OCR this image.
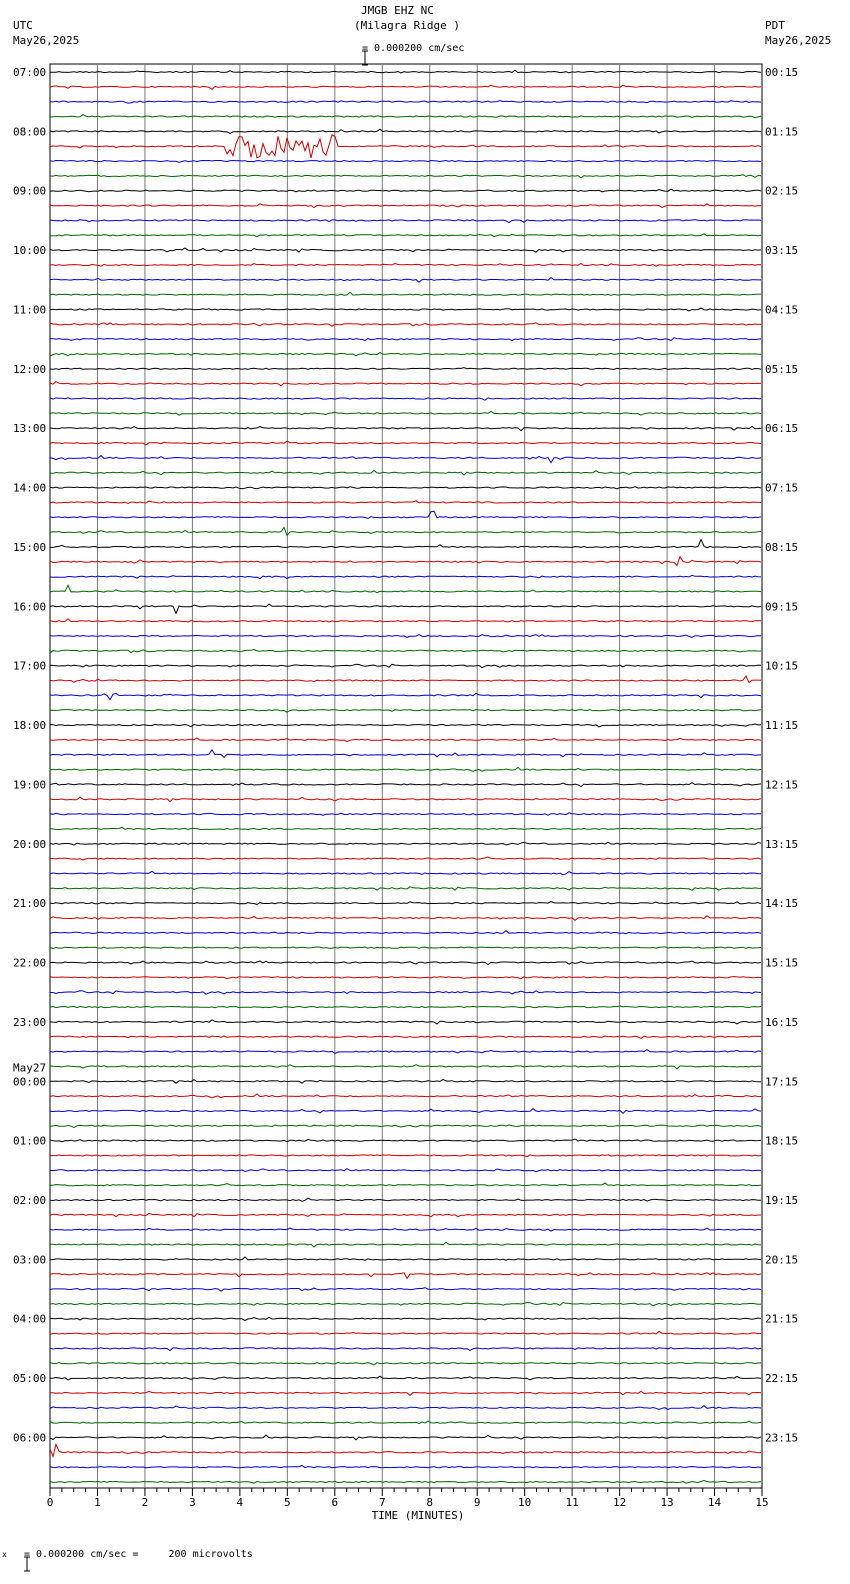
JMGB EHZ NC
(Milagra Ridge )
UTC
May26,2025
PDT
May26,2025

= 0.000200 cm/sec
x

= 0.000200 cm/sec =     200 microvolts
07:00
08:00
09:00
10:00
11:00
12:00
13:00
14:00
15:00
16:00
17:00
18:00
19:00
20:00
21:00
22:00
23:00
00:00
May27
01:00
02:00
03:00
04:00
05:00
06:00
00:15
01:15
02:15
03:15
04:15
05:15
06:15
07:15
08:15
09:15
10:15
11:15
12:15
13:15
14:15
15:15
16:15
17:15
18:15
19:15
20:15
21:15
22:15
23:15
0	1	2	3	4	5	6	7	8	9	10	11	12	13	14	15
TIME (MINUTES)
